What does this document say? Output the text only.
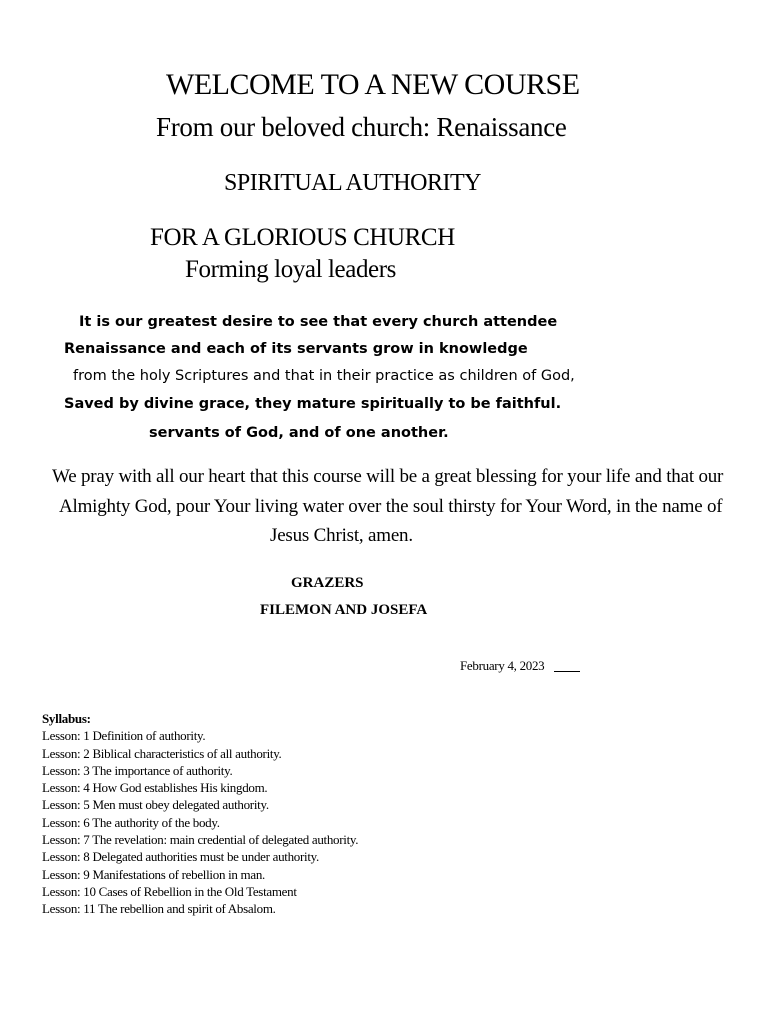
WELCOME TO A NEW COURSE
From our beloved church: Renaissance
SPIRITUAL AUTHORITY
FOR A GLORIOUS CHURCH
Forming loyal leaders
It is our greatest desire to see that every church attendee
Renaissance and each of its servants grow in knowledge
from the holy Scriptures and that in their practice as children of God,
Saved by divine grace, they mature spiritually to be faithful.
servants of God, and of one another.
We pray with all our heart that this course will be a great blessing for your life and that our
Almighty God, pour Your living water over the soul thirsty for Your Word, in the name of
Jesus Christ, amen.
GRAZERS
FILEMON AND JOSEFA
February 4, 2023
Syllabus:
Lesson: 1 Definition of authority.
Lesson: 2 Biblical characteristics of all authority.
Lesson: 3 The importance of authority.
Lesson: 4 How God establishes His kingdom.
Lesson: 5 Men must obey delegated authority.
Lesson: 6 The authority of the body.
Lesson: 7 The revelation: main credential of delegated authority.
Lesson: 8 Delegated authorities must be under authority.
Lesson: 9 Manifestations of rebellion in man.
Lesson: 10 Cases of Rebellion in the Old Testament
Lesson: 11 The rebellion and spirit of Absalom.
